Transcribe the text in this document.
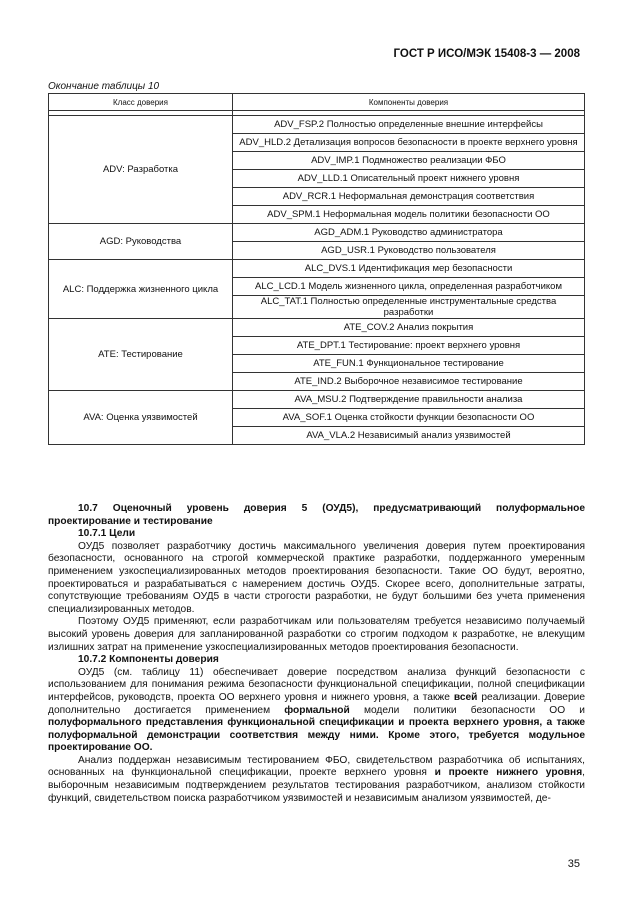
ГОСТ Р ИСО/МЭК 15408-3 — 2008
Окончание таблицы 10
Класс доверия	Компоненты доверия

ADV: Разработка	ADV_FSP.2 Полностью определенные внешние интерфейсы
	ADV_HLD.2 Детализация вопросов безопасности в проекте верхнего уровня
	ADV_IMP.1 Подмножество реализации ФБО
	ADV_LLD.1 Описательный проект нижнего уровня
	ADV_RCR.1 Неформальная демонстрация соответствия
	ADV_SPM.1 Неформальная модель политики безопасности ОО
AGD: Руководства	AGD_ADM.1 Руководство администратора
	AGD_USR.1 Руководство пользователя
ALC: Поддержка жизненного цикла	ALC_DVS.1 Идентификация мер безопасности
	ALC_LCD.1 Модель жизненного цикла, определенная разработчиком
	ALC_TAT.1 Полностью определенные инструментальные средства разработки
ATE: Тестирование	ATE_COV.2 Анализ покрытия
	ATE_DPT.1 Тестирование: проект верхнего уровня
	ATE_FUN.1 Функциональное тестирование
	ATE_IND.2 Выборочное независимое тестирование
AVA: Оценка уязвимостей	AVA_MSU.2 Подтверждение правильности анализа
	AVA_SOF.1 Оценка стойкости функции безопасности ОО
	AVA_VLA.2 Независимый анализ уязвимостей

10.7 Оценочный уровень доверия 5 (ОУД5), предусматривающий полуформальное проектирование и тестирование

10.7.1 Цели

ОУД5 позволяет разработчику достичь максимального увеличения доверия путем проектирования безопасности, основанного на строгой коммерческой практике разработки, поддержанного умеренным применением узкоспециализированных методов проектирования безопасности. Такие ОО будут, вероятно, проектироваться и разрабатываться с намерением достичь ОУД5. Скорее всего, дополнительные затраты, сопутствующие требованиям ОУД5 в части строгости разработки, не будут большими без учета применения специализированных методов.

Поэтому ОУД5 применяют, если разработчикам или пользователям требуется независимо получаемый высокий уровень доверия для запланированной разработки со строгим подходом к разработке, не влекущим излишних затрат на применение узкоспециализированных методов проектирования безопасности.

10.7.2 Компоненты доверия

ОУД5 (см. таблицу 11) обеспечивает доверие посредством анализа функций безопасности с использованием для понимания режима безопасности функциональной спецификации, полной спецификации интерфейсов, руководств, проекта ОО верхнего уровня и нижнего уровня, а также всей реализации. Доверие дополнительно достигается применением формальной модели политики безопасности ОО и полуформального представления функциональной спецификации и проекта верхнего уровня, а также полуформальной демонстрации соответствия между ними. Кроме этого, требуется модульное проектирование ОО.

Анализ поддержан независимым тестированием ФБО, свидетельством разработчика об испытаниях, основанных на функциональной спецификации, проекте верхнего уровня и проекте нижнего уровня, выборочным независимым подтверждением результатов тестирования разработчиком, анализом стойкости функций, свидетельством поиска разработчиком уязвимостей и независимым анализом уязвимостей, де-

35
